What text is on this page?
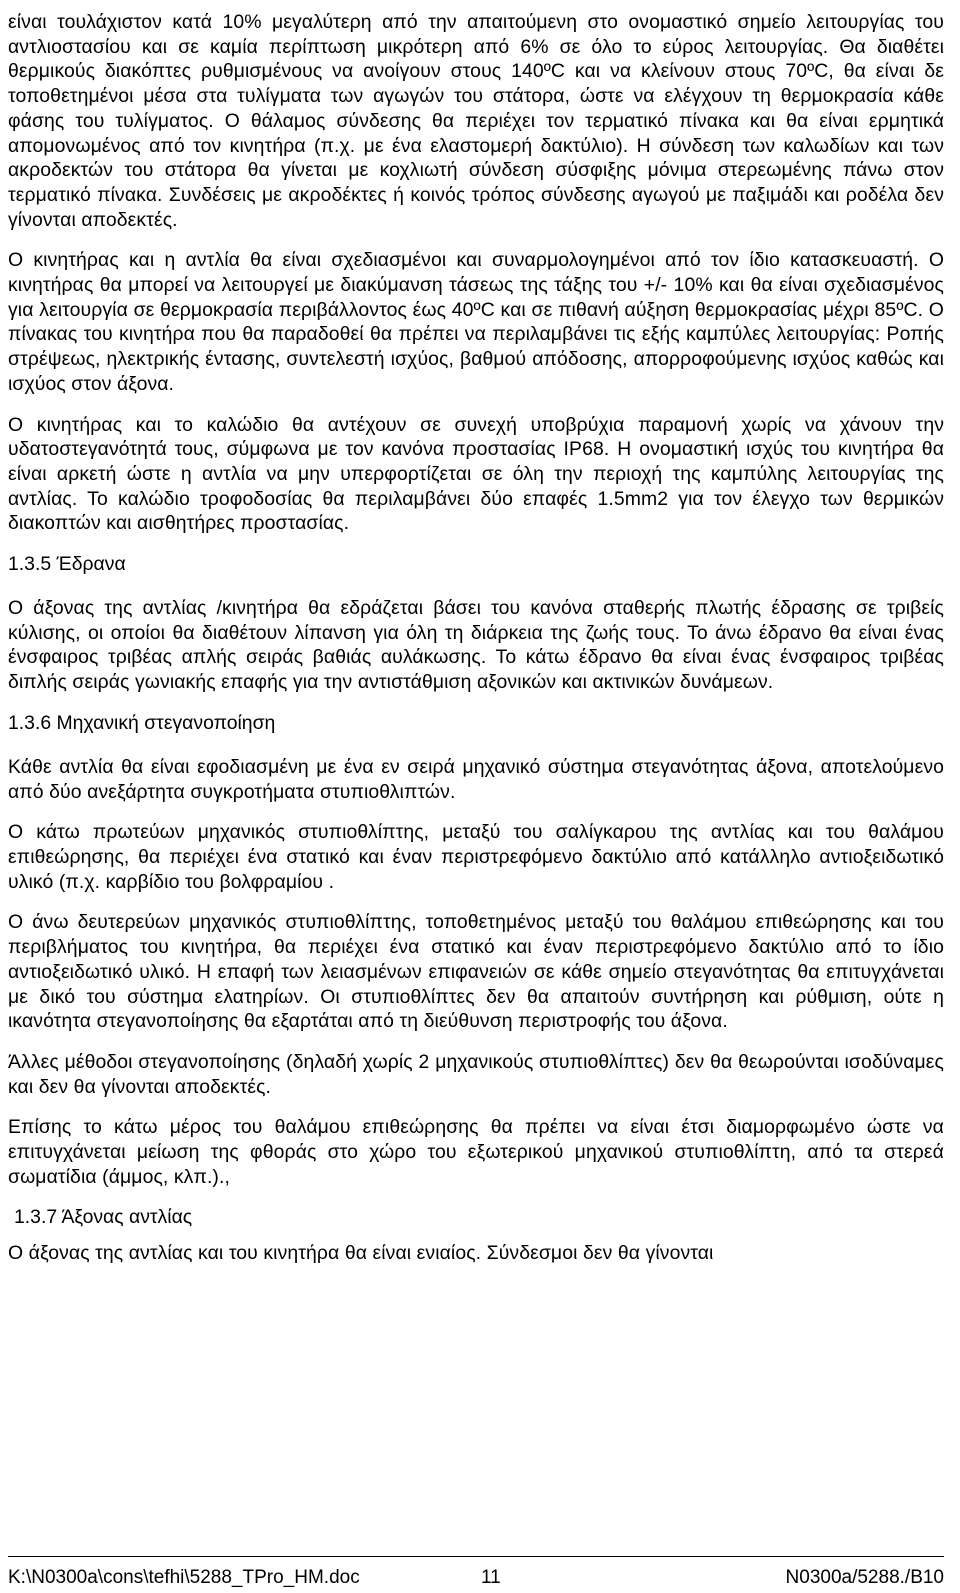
είναι τουλάχιστον κατά 10% μεγαλύτερη από την απαιτούμενη στο ονομαστικό σημείο λειτουργίας του αντλιοστασίου και σε καμία περίπτωση μικρότερη από 6% σε όλο το εύρος λειτουργίας. Θα διαθέτει θερμικούς διακόπτες ρυθμισμένους να ανοίγουν στους 140ºC και να κλείνουν στους 70ºC, θα είναι δε τοποθετημένοι μέσα στα τυλίγματα των αγωγών του στάτορα, ώστε να ελέγχουν τη θερμοκρασία κάθε φάσης του τυλίγματος. Ο θάλαμος σύνδεσης θα περιέχει τον τερματικό πίνακα και θα είναι ερμητικά απομονωμένος από τον κινητήρα (π.χ. με ένα ελαστομερή δακτύλιο). Η σύνδεση των καλωδίων και των ακροδεκτών του στάτορα θα γίνεται με κοχλιωτή σύνδεση σύσφιξης μόνιμα στερεωμένης πάνω στον τερματικό πίνακα. Συνδέσεις με ακροδέκτες ή κοινός τρόπος σύνδεσης αγωγού με παξιμάδι και ροδέλα δεν γίνονται αποδεκτές.

Ο κινητήρας και η αντλία θα είναι σχεδιασμένοι και συναρμολογημένοι από τον ίδιο κατασκευαστή. Ο κινητήρας θα μπορεί να λειτουργεί με διακύμανση τάσεως της τάξης του +/- 10% και θα είναι σχεδιασμένος για λειτουργία σε θερμοκρασία περιβάλλοντος έως 40ºC και σε πιθανή αύξηση θερμοκρασίας μέχρι 85ºC. Ο πίνακας του κινητήρα που θα παραδοθεί θα πρέπει να περιλαμβάνει τις εξής καμπύλες λειτουργίας: Ροπής στρέψεως, ηλεκτρικής έντασης, συντελεστή ισχύος, βαθμού απόδοσης, απορροφούμενης ισχύος καθώς και ισχύος στον άξονα.

Ο κινητήρας και το καλώδιο θα αντέχουν σε συνεχή υποβρύχια παραμονή χωρίς να χάνουν την υδατοστεγανότητά τους, σύμφωνα με τον κανόνα προστασίας IP68. Η ονομαστική ισχύς του κινητήρα θα είναι αρκετή ώστε η αντλία να μην υπερφορτίζεται σε όλη την περιοχή της καμπύλης λειτουργίας της αντλίας. Το καλώδιο τροφοδοσίας θα περιλαμβάνει δύο επαφές 1.5mm2 για τον έλεγχο των θερμικών διακοπτών και αισθητήρες προστασίας.

1.3.5 Έδρανα

Ο άξονας της αντλίας /κινητήρα θα εδράζεται βάσει του κανόνα σταθερής πλωτής έδρασης σε τριβείς κύλισης, οι οποίοι θα διαθέτουν λίπανση για όλη τη διάρκεια της ζωής τους. Το άνω έδρανο θα είναι ένας ένσφαιρος τριβέας απλής σειράς βαθιάς αυλάκωσης. Το κάτω έδρανο θα είναι ένας ένσφαιρος τριβέας διπλής σειράς γωνιακής επαφής για την αντιστάθμιση αξονικών και ακτινικών δυνάμεων.

1.3.6 Μηχανική στεγανοποίηση

Κάθε αντλία θα είναι εφοδιασμένη με ένα εν σειρά μηχανικό σύστημα στεγανότητας άξονα, αποτελούμενο από δύο ανεξάρτητα συγκροτήματα στυπιοθλιπτών.

Ο κάτω πρωτεύων μηχανικός στυπιοθλίπτης, μεταξύ του σαλίγκαρου της αντλίας και του θαλάμου επιθεώρησης, θα περιέχει ένα στατικό και έναν περιστρεφόμενο δακτύλιο από κατάλληλο αντιοξειδωτικό υλικό (π.χ. καρβίδιο του βολφραμίου .

Ο άνω δευτερεύων μηχανικός στυπιοθλίπτης, τοποθετημένος μεταξύ του θαλάμου επιθεώρησης και του περιβλήματος του κινητήρα, θα περιέχει ένα στατικό και έναν περιστρεφόμενο δακτύλιο από το ίδιο αντιοξειδωτικό υλικό. Η επαφή των λειασμένων επιφανειών σε κάθε σημείο στεγανότητας θα επιτυγχάνεται με δικό του σύστημα ελατηρίων. Οι στυπιοθλίπτες δεν θα απαιτούν συντήρηση και ρύθμιση, ούτε η ικανότητα στεγανοποίησης θα εξαρτάται από τη διεύθυνση περιστροφής του άξονα.

Άλλες μέθοδοι στεγανοποίησης (δηλαδή χωρίς 2 μηχανικούς στυπιοθλίπτες) δεν θα θεωρούνται ισοδύναμες και δεν θα γίνονται αποδεκτές.

Επίσης το κάτω μέρος του θαλάμου επιθεώρησης θα πρέπει να είναι έτσι διαμορφωμένο ώστε να επιτυγχάνεται μείωση της φθοράς στο χώρο του εξωτερικού μηχανικού στυπιοθλίπτη, από τα στερεά σωματίδια (άμμος, κλπ.).,

1.3.7 Άξονας αντλίας

Ο άξονας της αντλίας και του κινητήρα θα είναι ενιαίος. Σύνδεσμοι δεν θα γίνονται

K:\N0300a\cons\tefhi\5288_TPro_HM.doc	11	N0300a/5288./B10
